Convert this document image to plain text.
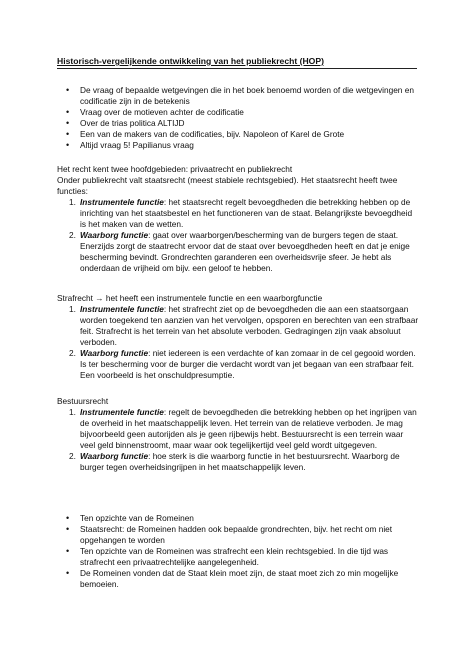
Historisch-vergelijkende ontwikkeling van het publiekrecht (HOP)
• De vraag of bepaalde wetgevingen die in het boek benoemd worden of die wetgevingen en codificatie zijn in de betekenis
• Vraag over de motieven achter de codificatie
• Over de trias politica ALTIJD
• Een van de makers van de codificaties, bijv. Napoleon of Karel de Grote
• Altijd vraag 5! Papilianus vraag

Het recht kent twee hoofdgebieden: privaatrecht en publiekrecht

Onder publiekrecht valt staatsrecht (meest stabiele rechtsgebied). Het staatsrecht heeft twee functies:

1. Instrumentele functie: het staatsrecht regelt bevoegdheden die betrekking hebben op de inrichting van het staatsbestel en het functioneren van de staat. Belangrijkste bevoegdheid is het maken van de wetten.
2. Waarborg functie: gaat over waarborgen/bescherming van de burgers tegen de staat. Enerzijds zorgt de staatrecht ervoor dat de staat over bevoegdheden heeft en dat je enige bescherming bevindt. Grondrechten garanderen een overheidsvrije sfeer. Je hebt als onderdaan de vrijheid om bijv. een geloof te hebben.

Strafrecht → het heeft een instrumentele functie en een waarborgfunctie

1. Instrumentele functie: het strafrecht ziet op de bevoegdheden die aan een staatsorgaan worden toegekend ten aanzien van het vervolgen, opsporen en berechten van een strafbaar feit. Strafrecht is het terrein van het absolute verboden. Gedragingen zijn vaak absoluut verboden.
2. Waarborg functie: niet iedereen is een verdachte of kan zomaar in de cel gegooid worden. Is ter bescherming voor de burger die verdacht wordt van jet begaan van een strafbaar feit. Een voorbeeld is het onschuldpresumptie.

Bestuursrecht

1. Instrumentele functie: regelt de bevoegdheden die betrekking hebben op het ingrijpen van de overheid in het maatschappelijk leven. Het terrein van de relatieve verboden. Je mag bijvoorbeeld geen autorijden als je geen rijbewijs hebt. Bestuursrecht is een terrein waar veel geld binnenstroomt, maar waar ook tegelijkertijd veel geld wordt uitgegeven.
2. Waarborg functie: hoe sterk is die waarborg functie in het bestuursrecht. Waarborg de burger tegen overheidsingrijpen in het maatschappelijk leven.
• Ten opzichte van de Romeinen
• Staatsrecht: de Romeinen hadden ook bepaalde grondrechten, bijv. het recht om niet opgehangen te worden
• Ten opzichte van de Romeinen was strafrecht een klein rechtsgebied. In die tijd was strafrecht een privaatrechtelijke aangelegenheid.
• De Romeinen vonden dat de Staat klein moet zijn, de staat moet zich zo min mogelijke bemoeien.
